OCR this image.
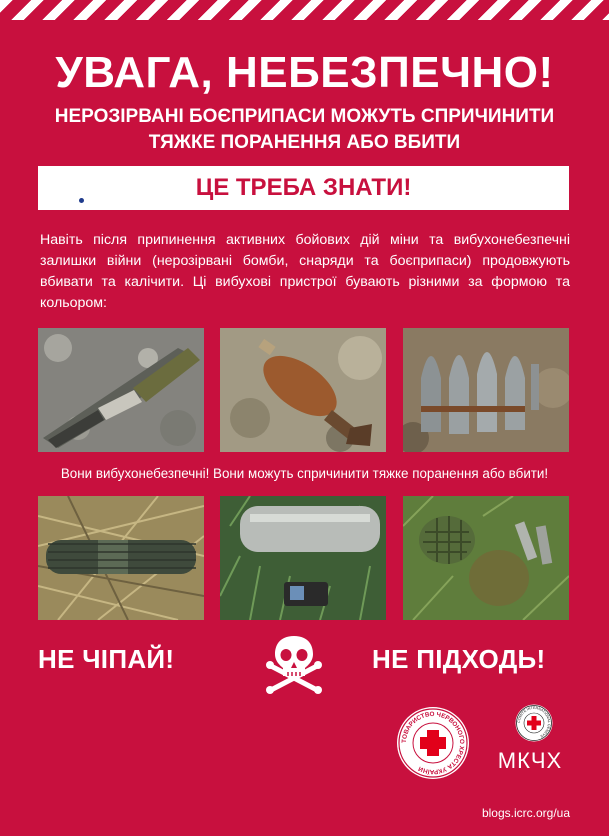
УВАГА, НЕБЕЗПЕЧНО!
НЕРОЗІРВАНІ БОЄПРИПАСИ МОЖУТЬ СПРИЧИНИТИ
ТЯЖКЕ ПОРАНЕННЯ АБО ВБИТИ
ЦЕ ТРЕБА ЗНАТИ!
Навіть після припинення активних бойових дій міни та вибухонебезпечні залишки війни (нерозірвані бомби, снаряди та боєприпаси) продовжують вбивати та калічити. Ці вибухові пристрої бувають різними за формою та кольором:
Вони вибухонебезпечні! Вони можуть спричинити тяжке поранення або вбити!
НЕ ЧІПАЙ!	НЕ ПІДХОДЬ!
ТОВАРИСТВО ЧЕРВОНОГО ХРЕСТА УКРАЇНИ
COMITE INTERNATIONAL GENEVE
МКЧХ
blogs.icrc.org/ua
